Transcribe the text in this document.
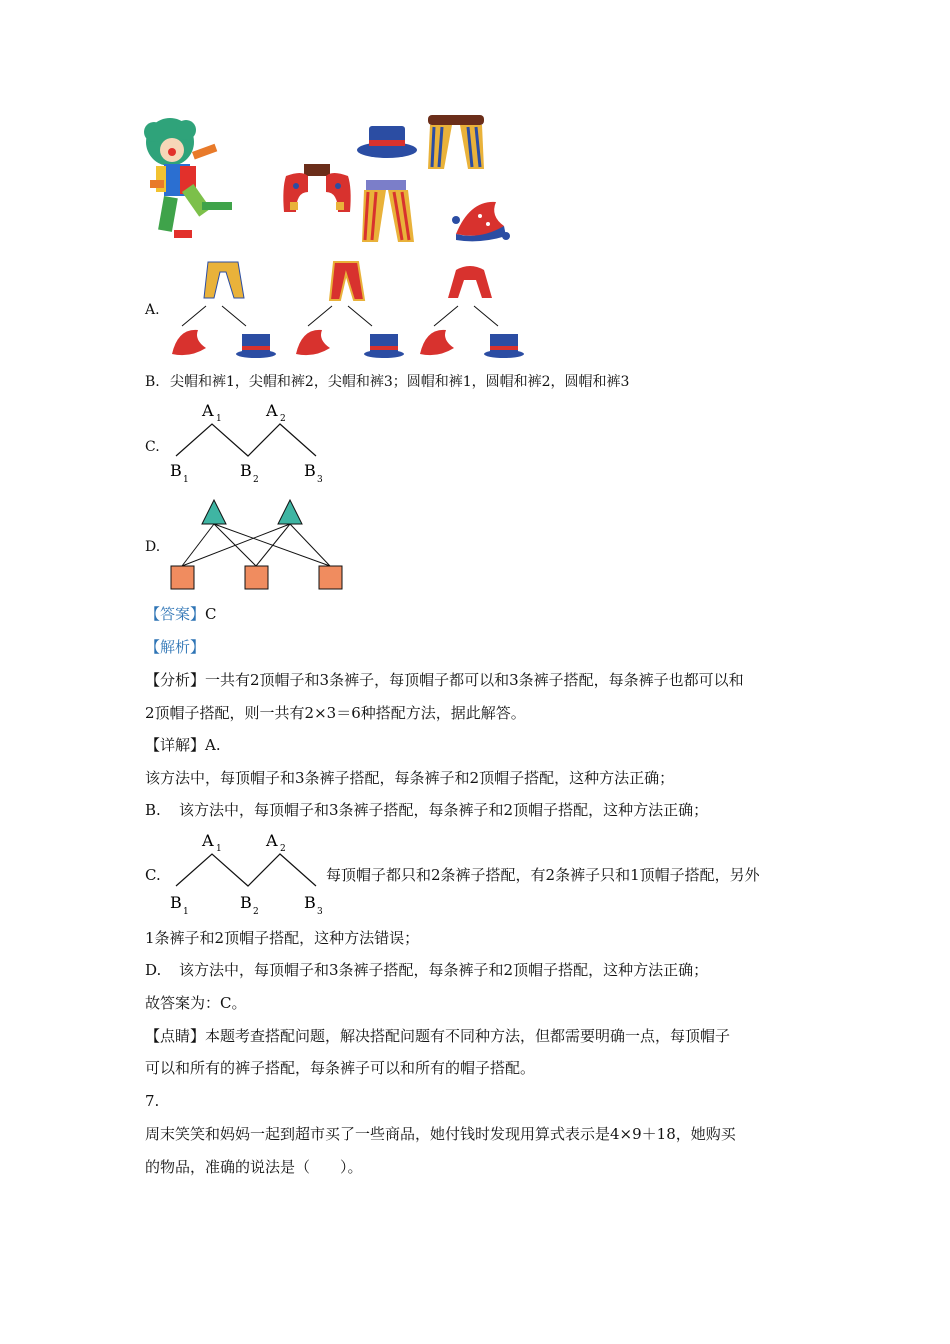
A.
B. 尖帽和裤1，尖帽和裤2，尖帽和裤3；圆帽和裤1，圆帽和裤2，圆帽和裤3
C.
A 1	A 2
B 1	B 2	B 3
D.
【答案】C
【解析】
【分析】一共有2顶帽子和3条裤子，每顶帽子都可以和3条裤子搭配，每条裤子也都可以和
2顶帽子搭配，则一共有2×3＝6种搭配方法，据此解答。
【详解】A.
该方法中，每顶帽子和3条裤子搭配，每条裤子和2顶帽子搭配，这种方法正确；
B. 该方法中，每顶帽子和3条裤子搭配，每条裤子和2顶帽子搭配，这种方法正确；
C.
A 1	A 2
B 1	B 2	B 3
每顶帽子都只和2条裤子搭配，有2条裤子只和1顶帽子搭配，另外
1条裤子和2顶帽子搭配，这种方法错误；
D. 该方法中，每顶帽子和3条裤子搭配，每条裤子和2顶帽子搭配，这种方法正确；
故答案为：C。
【点睛】本题考查搭配问题，解决搭配问题有不同种方法，但都需要明确一点，每顶帽子
可以和所有的裤子搭配，每条裤子可以和所有的帽子搭配。
7.
周末笑笑和妈妈一起到超市买了一些商品，她付钱时发现用算式表示是4×9＋18，她购买
的物品，准确的说法是（　　）。
